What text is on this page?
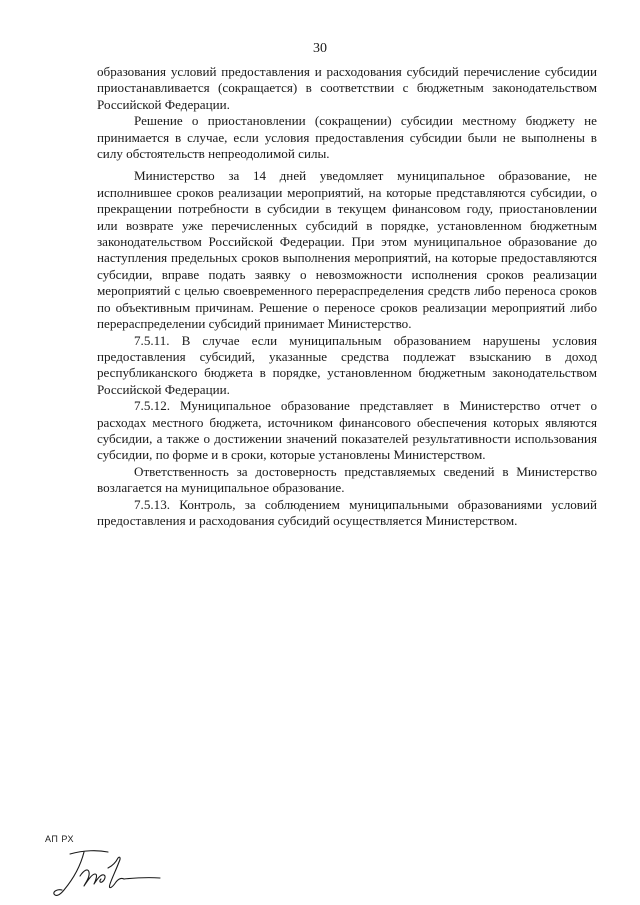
30

образования условий предоставления и расходования субсидий перечисление субсидии приостанавливается (сокращается) в соответствии с бюджетным законодательством Российской Федерации.

Решение о приостановлении (сокращении) субсидии местному бюджету не принимается в случае, если условия предоставления субсидии были не выполнены в силу обстоятельств непреодолимой силы.

Министерство за 14 дней уведомляет муниципальное образование, не исполнившее сроков реализации мероприятий, на которые представляются субсидии, о прекращении потребности в субсидии в текущем финансовом году, приостановлении или возврате уже перечисленных субсидий в порядке, установленном бюджетным законодательством Российской Федерации. При этом муниципальное образование до наступления предельных сроков выполнения мероприятий, на которые предоставляются субсидии, вправе подать заявку о невозможности исполнения сроков реализации мероприятий с целью своевременного перераспределения средств либо переноса сроков по объективным причинам. Решение о переносе сроков реализации мероприятий либо перераспределении субсидий принимает Министерство.

7.5.11. В случае если муниципальным образованием нарушены условия предоставления субсидий, указанные средства подлежат взысканию в доход республиканского бюджета в порядке, установленном бюджетным законодательством Российской Федерации.

7.5.12. Муниципальное образование представляет в Министерство отчет о расходах местного бюджета, источником финансового обеспечения которых являются субсидии, а также о достижении значений показателей результативности использования субсидии, по форме и в сроки, которые установлены Министерством.

Ответственность за достоверность представляемых сведений в Министерство возлагается на муниципальное образование.

7.5.13. Контроль, за соблюдением муниципальными образованиями условий предоставления и расходования субсидий осуществляется Министерством.

АП РХ
